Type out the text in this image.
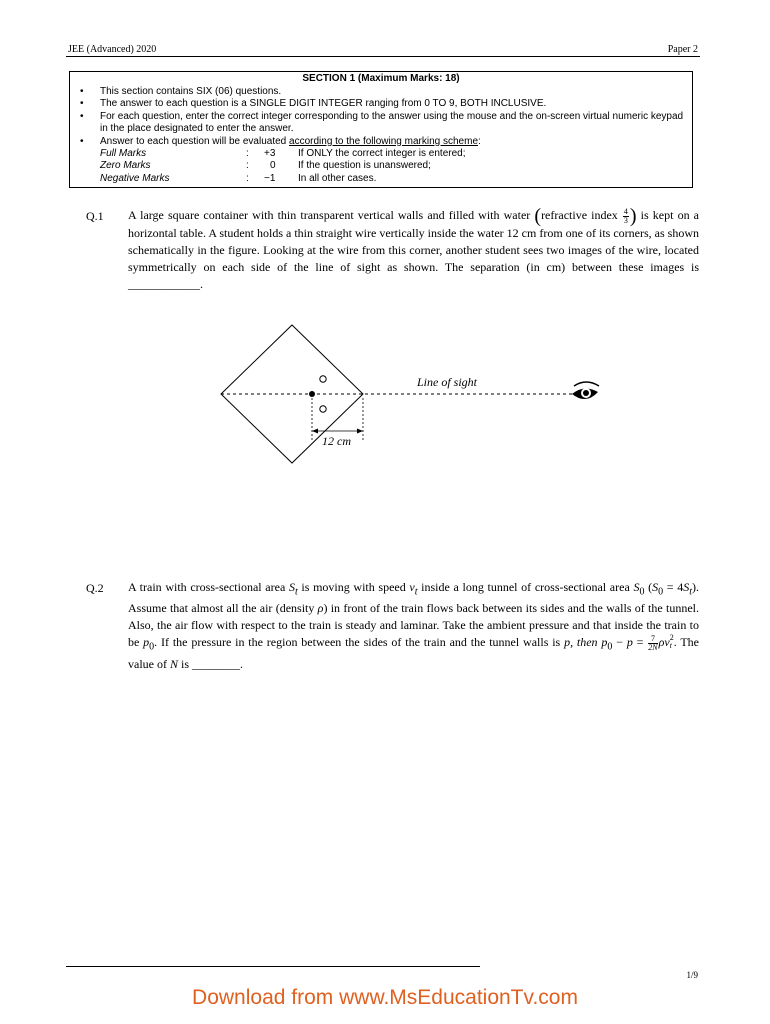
JEE (Advanced) 2020	Paper 2
SECTION 1 (Maximum Marks: 18)
• This section contains SIX (06) questions.
• The answer to each question is a SINGLE DIGIT INTEGER ranging from 0 TO 9, BOTH INCLUSIVE.
• For each question, enter the correct integer corresponding to the answer using the mouse and the on-screen virtual numeric keypad in the place designated to enter the answer.
• Answer to each question will be evaluated according to the following marking scheme:
Full Marks	: +3 If ONLY the correct integer is entered;
Zero Marks	:	0 If the question is unanswered;
Negative Marks	: −1 In all other cases.
Q.1 A large square container with thin transparent vertical walls and filled with water (refractive index $\frac{4}{3}$ ) is kept on a horizontal table. A student holds a thin straight wire vertically inside the water 12 cm from one of its corners, as shown schematically in the figure. Looking at the wire from this corner, another student sees two images of the wire, located symmetrically on each side of the line of sight as shown. The separation (in cm) between these images is ____________.
Line of sight
12 cm
Q.2 A train with cross-sectional area $S_t$ is moving with speed $v_t$ inside a long tunnel of cross-sectional area $S_0$ $(S_0 = 4S_t)$. Assume that almost all the air (density ρ) in front of the train flows back between its sides and the walls of the tunnel. Also, the air flow with respect to the train is steady and laminar. Take the ambient pressure and that inside the train to be $p_0$. If the pressure in the region between the sides of the train and the tunnel walls is p, then $p_0 - p = \frac{7}{2N}$ ρv 2
t . The value of N is ________.
1/9
Download from www.MsEducationTv.com
